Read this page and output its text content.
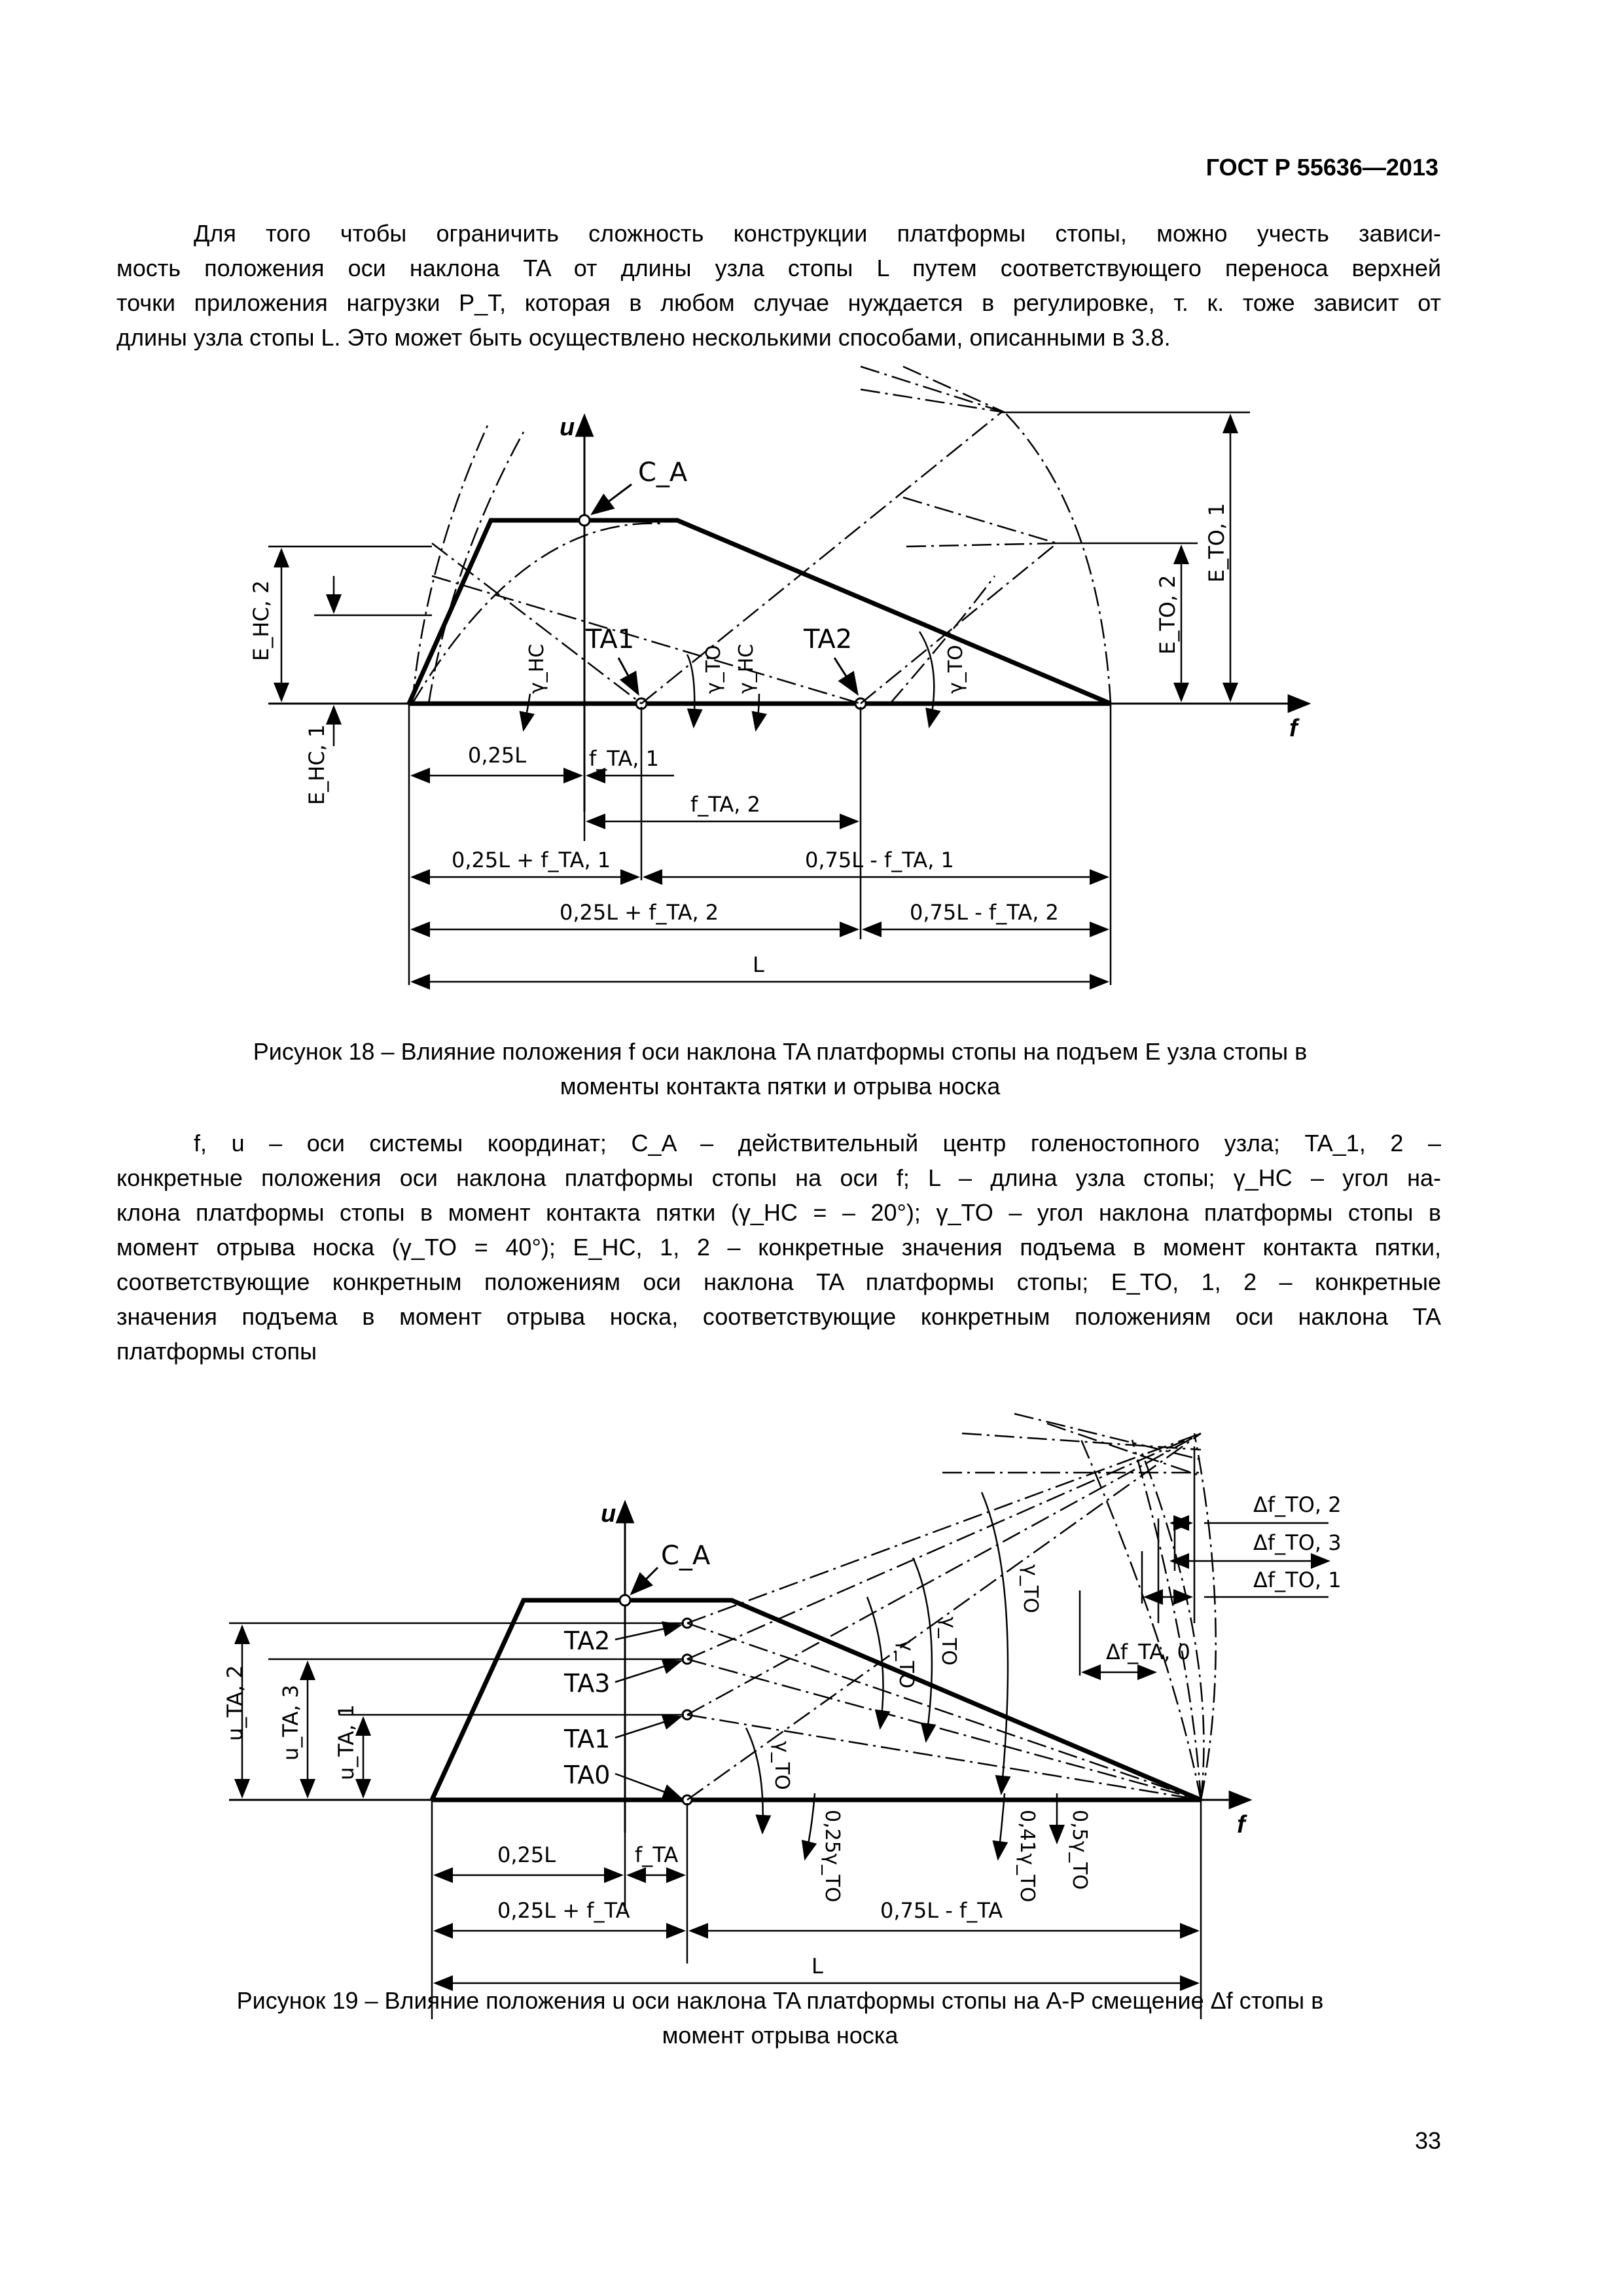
ГОСТ Р 55636—2013
Для того чтобы ограничить сложность конструкции платформы стопы, можно учесть зависи-
мость положения оси наклона TA от длины узла стопы L путем соответствующего переноса верхней
точки приложения нагрузки P_T, которая в любом случае нуждается в регулировке, т. к. тоже зависит от
длины узла стопы L. Это может быть осуществлено несколькими способами, описанными в 3.8.
u
f
C_A
TA1	TA2
E_HC, 2
E_HC, 1
E_TO, 2
E_TO, 1
γ_HC	γ_TO γ_HC	γ_TO
0,25L	f_TA, 1
f_TA, 2
0,25L + f_TA, 1	0,75L - f_TA, 1
0,25L + f_TA, 2	0,75L - f_TA, 2
L
Рисунок 18 – Влияние положения f оси наклона TA платформы стопы на подъем E узла стопы в
моменты контакта пятки и отрыва носка
f, u – оси системы координат; C_A – действительный центр голеностопного узла; TA_1, 2 –
конкретные положения оси наклона платформы стопы на оси f; L – длина узла стопы; γ_HC – угол на-
клона платформы стопы в момент контакта пятки (γ_HC = – 20°); γ_TO – угол наклона платформы стопы в
момент отрыва носка (γ_TO = 40°); E_HC, 1, 2 – конкретные значения подъема в момент контакта пятки,
соответствующие конкретным положениям оси наклона TA платформы стопы; E_TO, 1, 2 – конкретные
значения подъема в момент отрыва носка, соответствующие конкретным положениям оси наклона TA
платформы стопы
u
f
C_A
TA2
TA3
TA1
TA0
u_TA, 2 u_TA, 3 u_TA, 1
Δf_TO, 2
Δf_TO, 3
Δf_TO, 1
Δf_TA, 0
γ_TO
γ_TO
γ_TO
γ_TO
0,25γ_TO	0,41γ_TO 0,5γ_TO
0,25L	f_TA
0,25L + f_TA	0,75L - f_TA
L
Рисунок 19 – Влияние положения u оси наклона TA платформы стопы на A-P смещение Δf стопы в
момент отрыва носка
33
